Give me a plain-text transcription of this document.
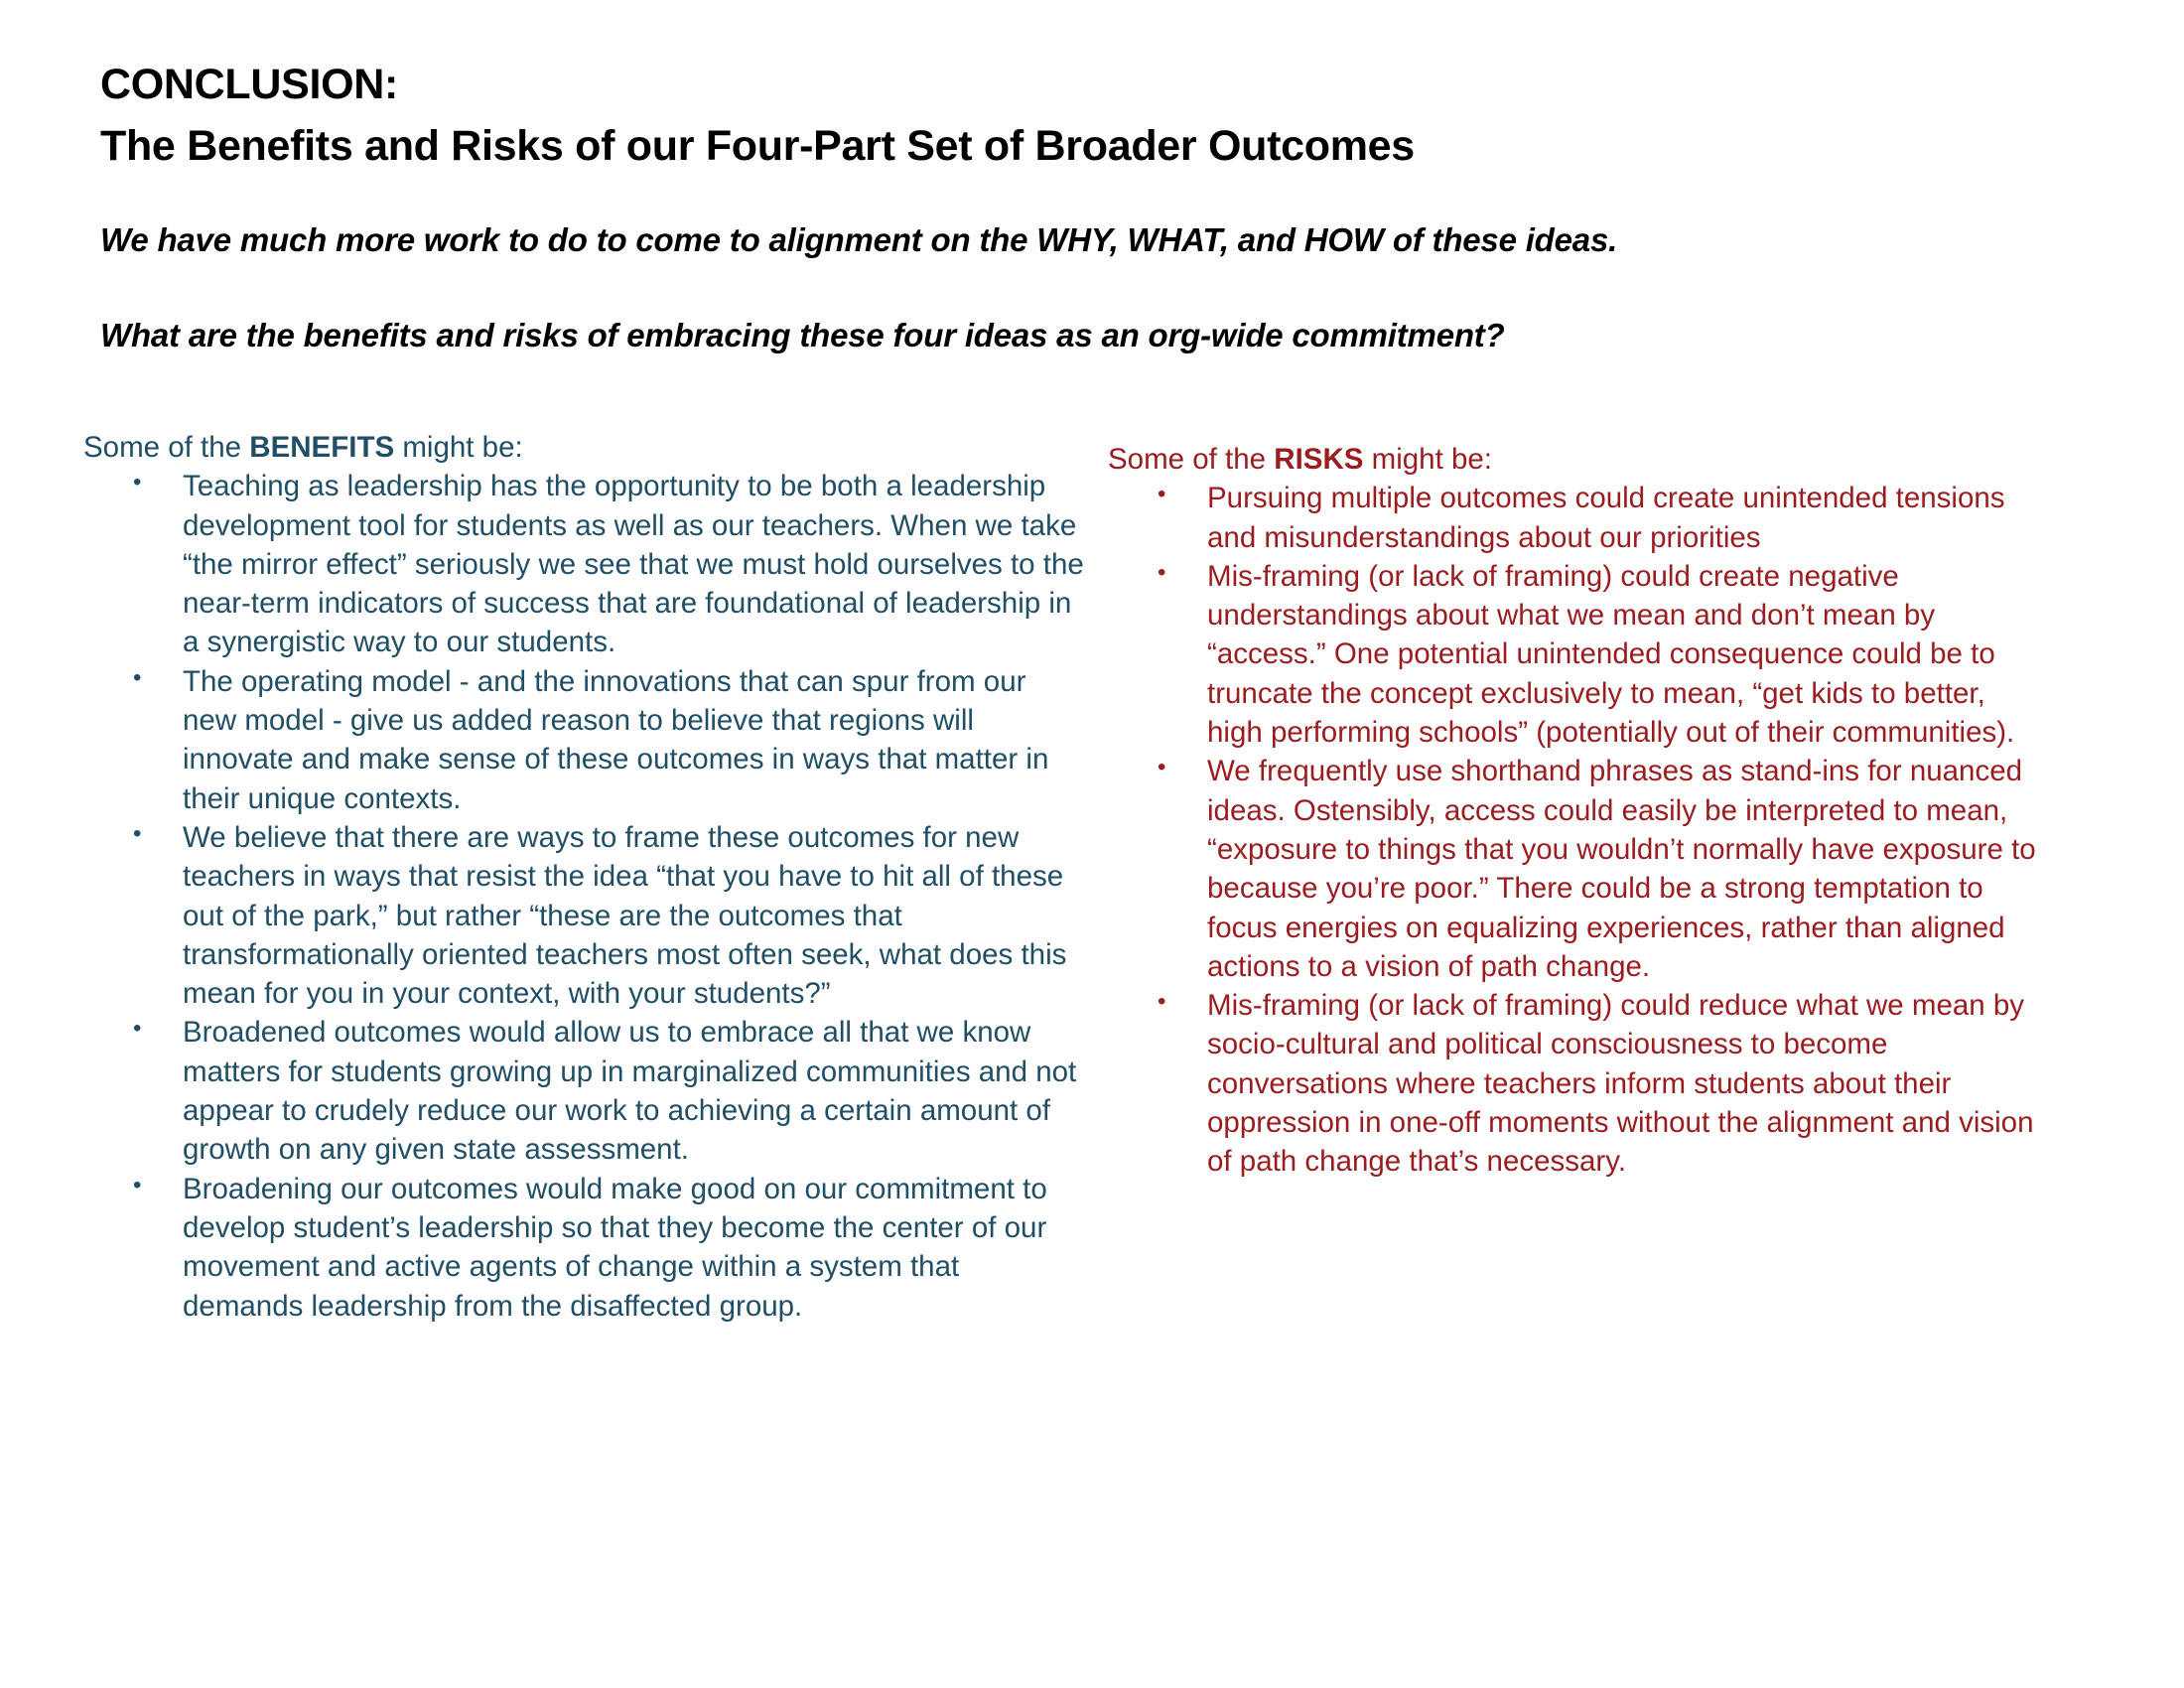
CONCLUSION:
The Benefits and Risks of our Four-Part Set of Broader Outcomes

We have much more work to do to come to alignment on the WHY, WHAT, and HOW of these ideas.

What are the benefits and risks of embracing these four ideas as an org-wide commitment?

Some of the BENEFITS might be:

•	Teaching as leadership has the opportunity to be both a leadership development tool for students as well as our teachers. When we take “the mirror effect” seriously we see that we must hold ourselves to the near-term indicators of success that are foundational of leadership in a synergistic way to our students.
•	The operating model - and the innovations that can spur from our new model - give us added reason to believe that regions will innovate and make sense of these outcomes in ways that matter in their unique contexts.
•	We believe that there are ways to frame these outcomes for new teachers in ways that resist the idea “that you have to hit all of these out of the park,” but rather “these are the outcomes that transformationally oriented teachers most often seek, what does this mean for you in your context, with your students?”
•	Broadened outcomes would allow us to embrace all that we know matters for students growing up in marginalized communities and not appear to crudely reduce our work to achieving a certain amount of growth on any given state assessment.
•	Broadening our outcomes would make good on our commitment to develop student’s leadership so that they become the center of our movement and active agents of change within a system that demands leadership from the disaffected group.

Some of the RISKS might be:

•	Pursuing multiple outcomes could create unintended tensions and misunderstandings about our priorities
•	Mis-framing (or lack of framing) could create negative understandings about what we mean and don’t mean by “access.” One potential unintended consequence could be to truncate the concept exclusively to mean, “get kids to better, high performing schools” (potentially out of their communities).
•	We frequently use shorthand phrases as stand-ins for nuanced ideas. Ostensibly, access could easily be interpreted to mean, “exposure to things that you wouldn’t normally have exposure to because you’re poor.” There could be a strong temptation to focus energies on equalizing experiences, rather than aligned actions to a vision of path change.
•	Mis-framing (or lack of framing) could reduce what we mean by socio-cultural and political consciousness to become conversations where teachers inform students about their oppression in one-off moments without the alignment and vision of path change that’s necessary.
